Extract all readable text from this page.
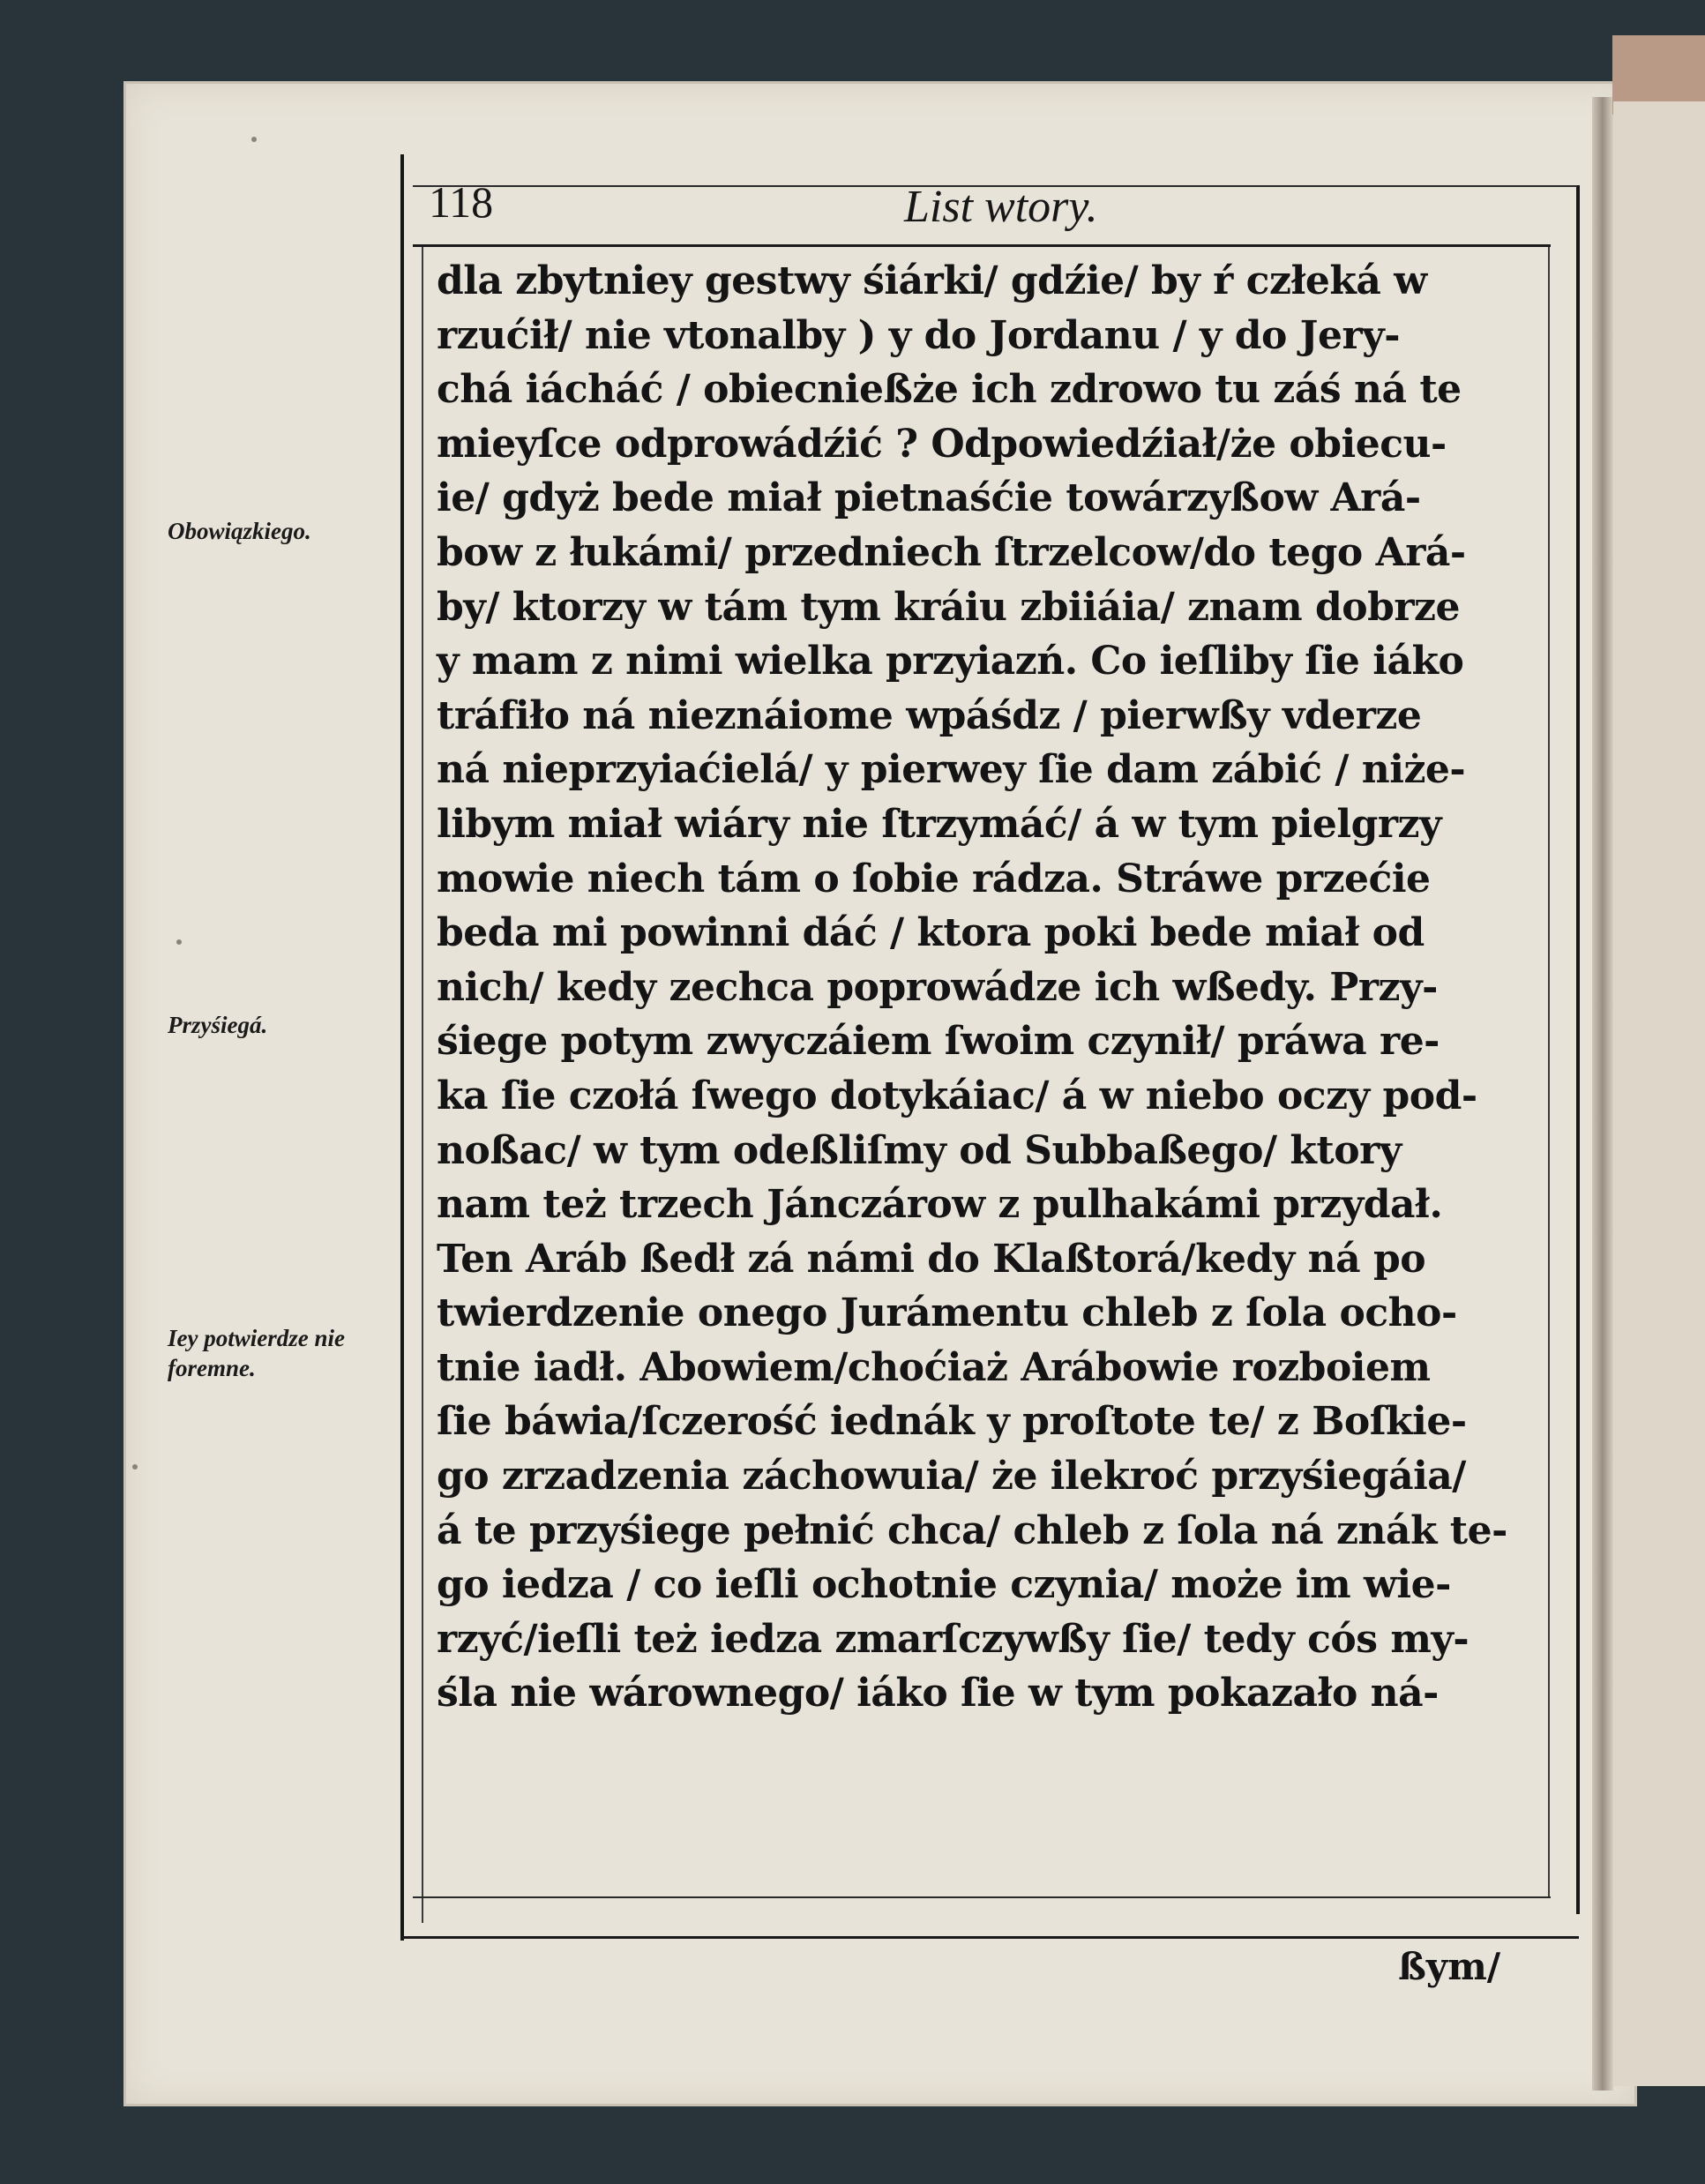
118	List wtory.
dla zbytniey gestwy śiárki/ gdźie/ by ŕ człeká w
rzućił/ nie vtonalby ) y do Jordanu / y do Jery-
chá iácháć / obiecnießże ich zdrowo tu záś ná te
mieyſce odprowádźić ? Odpowiedźiał/że obiecu-
ie/ gdyż bede miał pietnaśćie towárzyßow Ará-
bow z łukámi/ przedniech ſtrzelcow/do tego Ará-
by/ ktorzy w tám tym kráiu zbiiáia/ znam dobrze
y mam z nimi wielka przyiazń. Co ieſliby ſie iáko
tráfiło ná nieznáiome wpáśdz / pierwßy vderze
ná nieprzyiaćielá/ y pierwey ſie dam zábić / niże-
libym miał wiáry nie ſtrzymáć/ á w tym pielgrzy
mowie niech tám o ſobie rádza. Stráwe przećie
beda mi powinni dáć / ktora poki bede miał od
nich/ kedy zechca poprowádze ich wßedy. Przy-
śiege potym zwyczáiem ſwoim czynił/ práwa re-
ka ſie czołá ſwego dotykáiac/ á w niebo oczy pod-
noßac/ w tym odeßliſmy od Subbaßego/ ktory
nam też trzech Jánczárow z pulhakámi przydał.
Ten Aráb ßedł zá námi do Klaßtorá/kedy ná po
twierdzenie onego Jurámentu chleb z ſola ocho-
tnie iadł. Abowiem/choćiaż Arábowie rozboiem
ſie báwia/ſczerość iednák y proſtote te/ z Boſkie-
go zrzadzenia záchowuia/ że ilekroć przyśiegáia/
á te przyśiege pełnić chca/ chleb z ſola ná znák te-
go iedza / co ieſli ochotnie czynia/ może im wie-
rzyć/ieſli też iedza zmarſczywßy ſie/ tedy cós my-
śla nie wárownego/ iáko ſie w tym pokazało ná-
ßym/
Obowiązkiego.
Przyśiegá.
Iey potwierdze nie foremne.
